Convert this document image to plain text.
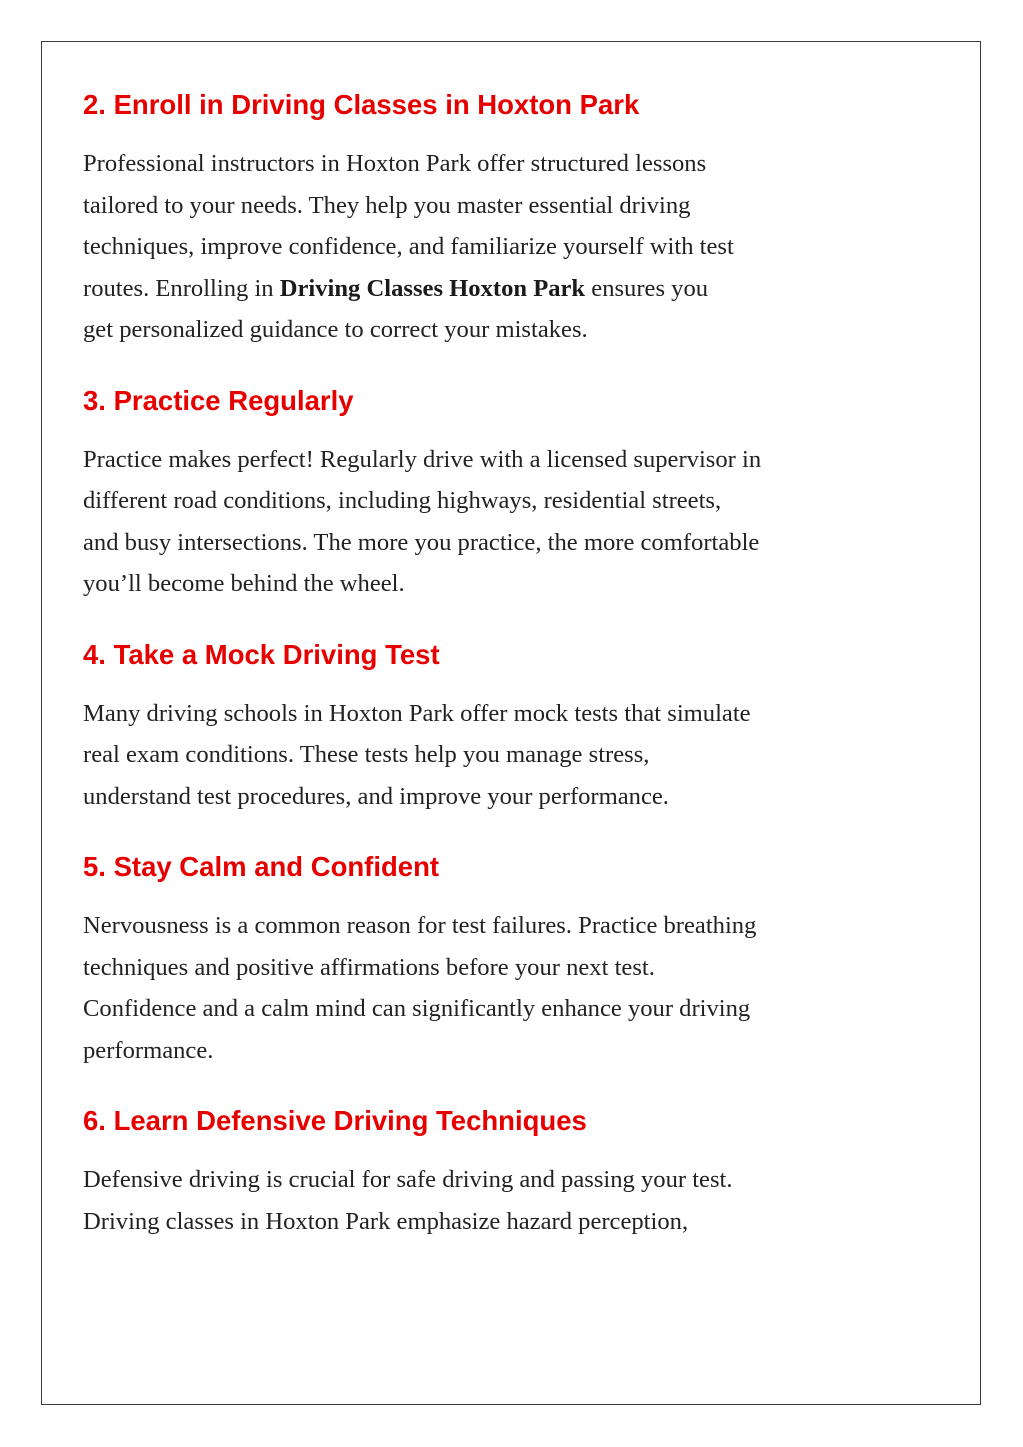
2. Enroll in Driving Classes in Hoxton Park

Professional instructors in Hoxton Park offer structured lessons
tailored to your needs. They help you master essential driving
techniques, improve confidence, and familiarize yourself with test
routes. Enrolling in Driving Classes Hoxton Park ensures you
get personalized guidance to correct your mistakes.

3. Practice Regularly

Practice makes perfect! Regularly drive with a licensed supervisor in
different road conditions, including highways, residential streets,
and busy intersections. The more you practice, the more comfortable
you’ll become behind the wheel.

4. Take a Mock Driving Test

Many driving schools in Hoxton Park offer mock tests that simulate
real exam conditions. These tests help you manage stress,
understand test procedures, and improve your performance.

5. Stay Calm and Confident

Nervousness is a common reason for test failures. Practice breathing
techniques and positive affirmations before your next test.
Confidence and a calm mind can significantly enhance your driving
performance.

6. Learn Defensive Driving Techniques

Defensive driving is crucial for safe driving and passing your test.
Driving classes in Hoxton Park emphasize hazard perception,
